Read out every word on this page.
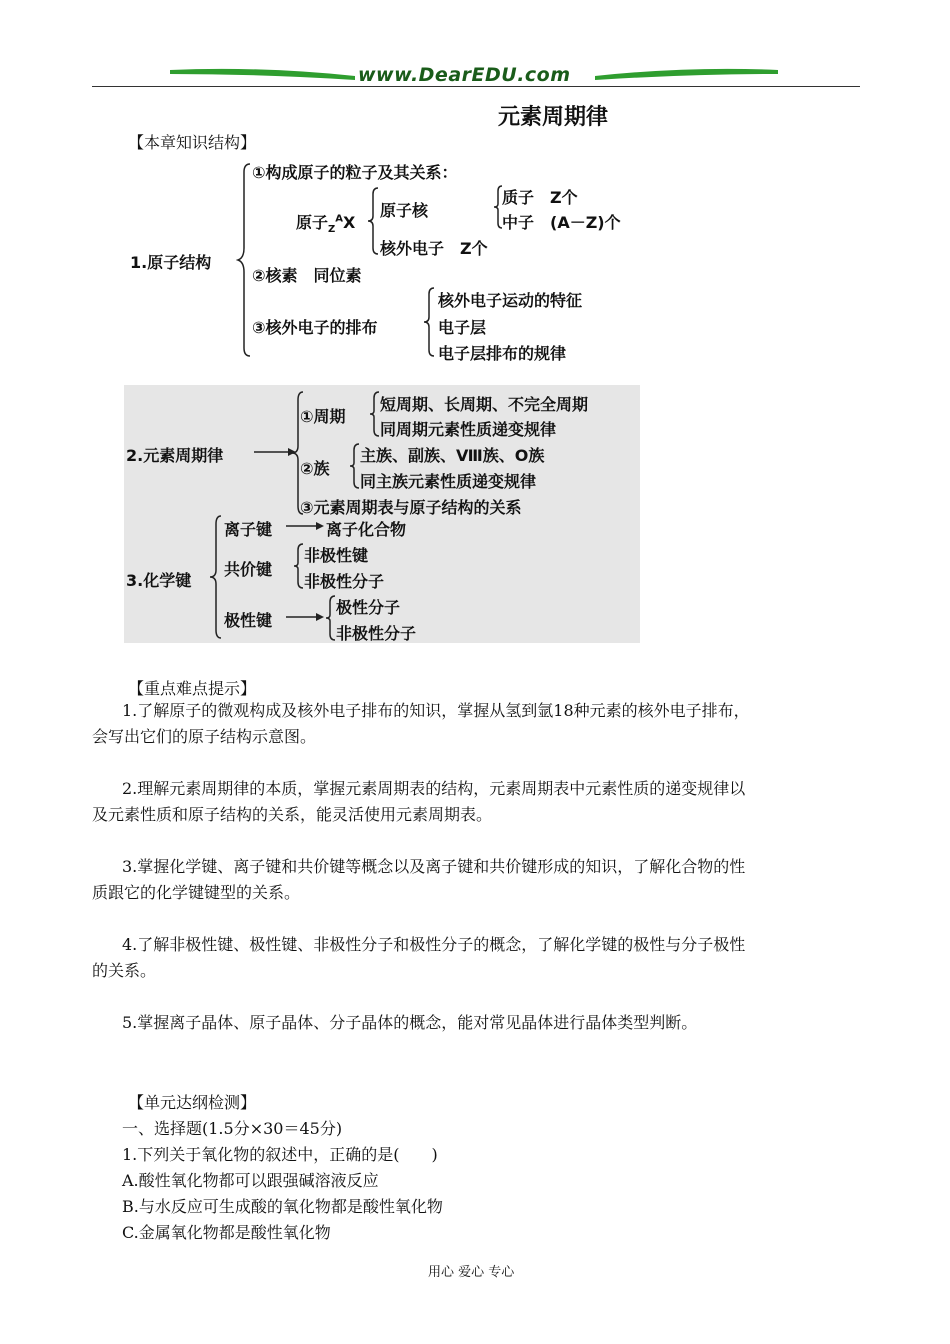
www.DearEDU.com
元素周期律
【本章知识结构】
1.原子结构
①构成原子的粒子及其关系：
原子$_Z^A$X
原子核
质子　Z个
中子　(A－Z)个
核外电子　Z个
②核素　同位素
③核外电子的排布
核外电子运动的特征
电子层
电子层排布的规律
2.元素周期律
①周期
短周期、长周期、不完全周期
同周期元素性质递变规律
②族
主族、副族、Ⅷ族、O族
同主族元素性质递变规律
③元素周期表与原子结构的关系
3.化学键
离子键	离子化合物
共价键
非极性键
非极性分子
极性键
极性分子
非极性分子
【重点难点提示】
1.了解原子的微观构成及核外电子排布的知识，掌握从氢到氩18种元素的核外电子排布，
会写出它们的原子结构示意图。
2.理解元素周期律的本质，掌握元素周期表的结构，元素周期表中元素性质的递变规律以
及元素性质和原子结构的关系，能灵活使用元素周期表。
3.掌握化学键、离子键和共价键等概念以及离子键和共价键形成的知识，了解化合物的性
质跟它的化学键键型的关系。
4.了解非极性键、极性键、非极性分子和极性分子的概念，了解化学键的极性与分子极性
的关系。
5.掌握离子晶体、原子晶体、分子晶体的概念，能对常见晶体进行晶体类型判断。
【单元达纲检测】
一、选择题(1.5分×30＝45分)
1.下列关于氧化物的叙述中，正确的是(　　)
A.酸性氧化物都可以跟强碱溶液反应
B.与水反应可生成酸的氧化物都是酸性氧化物
C.金属氧化物都是酸性氧化物
用心 爱心 专心
